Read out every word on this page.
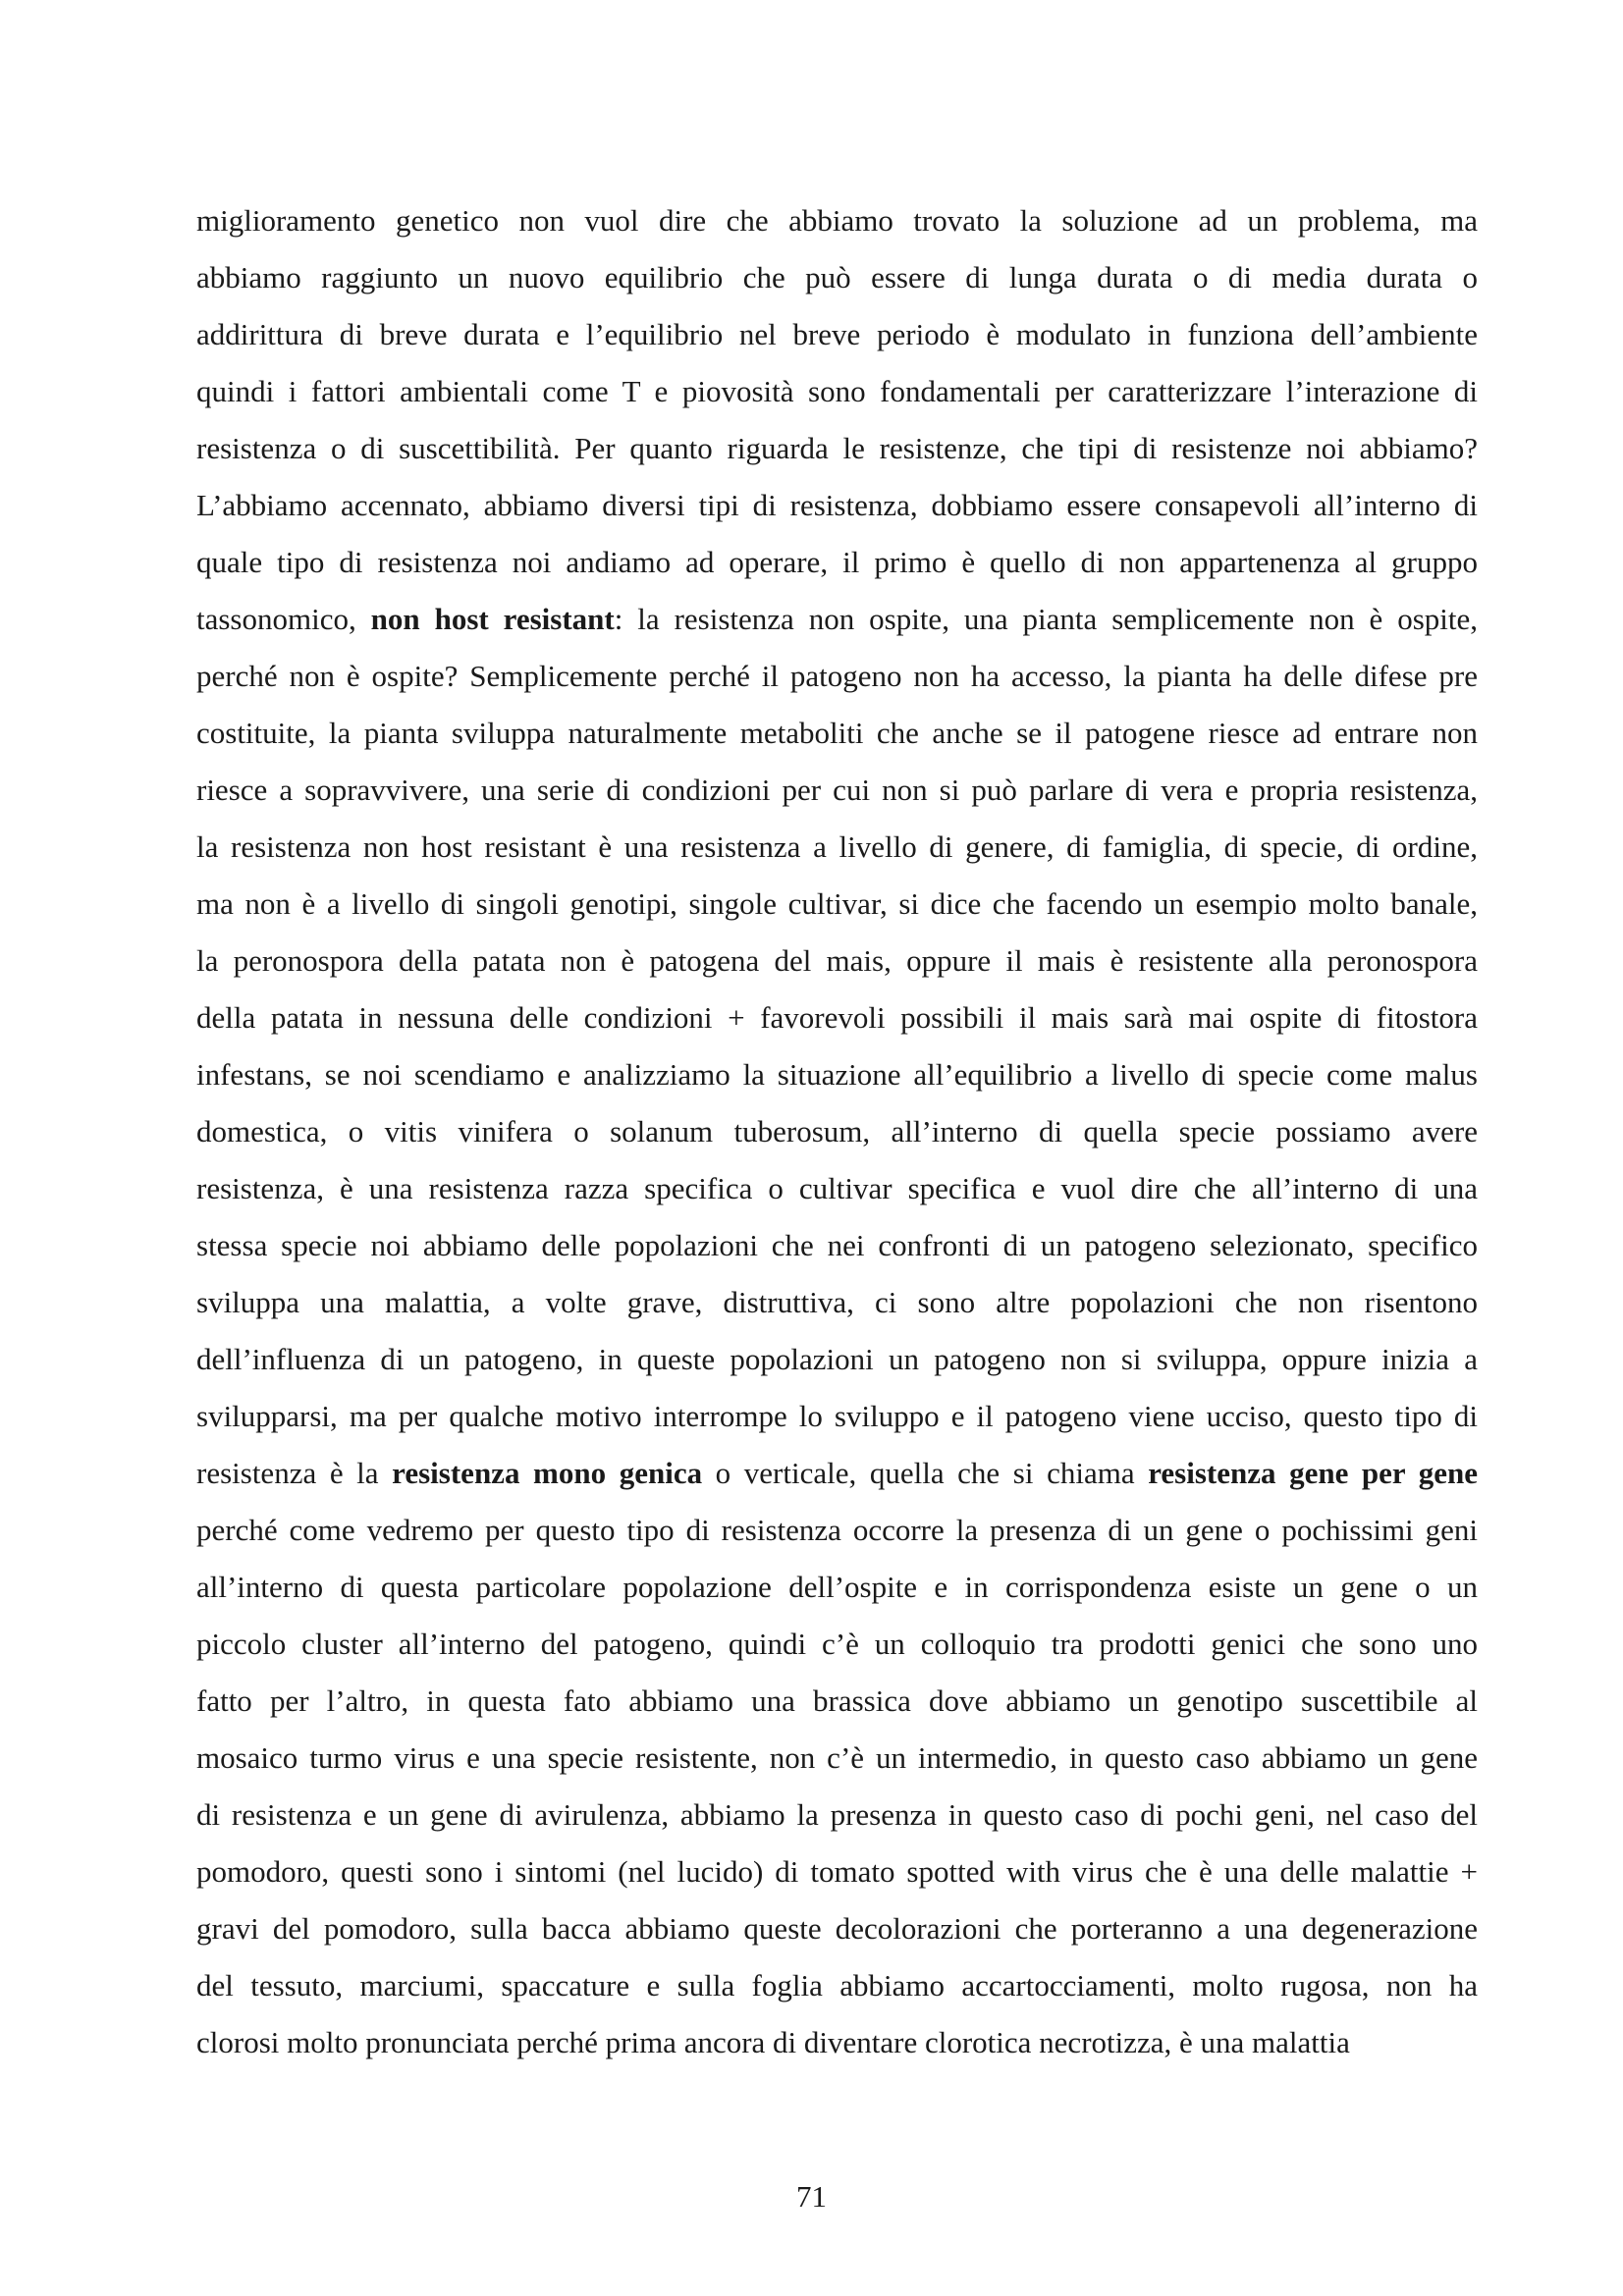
miglioramento genetico non vuol dire che abbiamo trovato la soluzione ad un problema, ma
abbiamo raggiunto un nuovo equilibrio che può essere di lunga durata o di media durata o
addirittura di breve durata e l’equilibrio nel breve periodo è modulato in funziona dell’ambiente
quindi i fattori ambientali come T e piovosità sono fondamentali per caratterizzare l’interazione di
resistenza o di suscettibilità. Per quanto riguarda le resistenze, che tipi di resistenze noi abbiamo?
L’abbiamo accennato, abbiamo diversi tipi di resistenza, dobbiamo essere consapevoli all’interno di
quale tipo di resistenza noi andiamo ad operare, il primo è quello di non appartenenza al gruppo
tassonomico, non host resistant: la resistenza non ospite, una pianta semplicemente non è ospite,
perché non è ospite? Semplicemente perché il patogeno non ha accesso, la pianta ha delle difese pre
costituite, la pianta sviluppa naturalmente metaboliti che anche se il patogene riesce ad entrare non
riesce a sopravvivere, una serie di condizioni per cui non si può parlare di vera e propria resistenza,
la resistenza non host resistant è una resistenza a livello di genere, di famiglia, di specie, di ordine,
ma non è a livello di singoli genotipi, singole cultivar, si dice che facendo un esempio molto banale,
la peronospora della patata non è patogena del mais, oppure il mais è resistente alla peronospora
della patata in nessuna delle condizioni + favorevoli possibili il mais sarà mai ospite di fitostora
infestans, se noi scendiamo e analizziamo la situazione all’equilibrio a livello di specie come malus
domestica, o vitis vinifera o solanum tuberosum, all’interno di quella specie possiamo avere
resistenza, è una resistenza razza specifica o cultivar specifica e vuol dire che all’interno di una
stessa specie noi abbiamo delle popolazioni che nei confronti di un patogeno selezionato, specifico
sviluppa una malattia, a volte grave, distruttiva, ci sono altre popolazioni che non risentono
dell’influenza di un patogeno, in queste popolazioni un patogeno non si sviluppa, oppure inizia a
svilupparsi, ma per qualche motivo interrompe lo sviluppo e il patogeno viene ucciso, questo tipo di
resistenza è la resistenza mono genica o verticale, quella che si chiama resistenza gene per gene
perché come vedremo per questo tipo di resistenza occorre la presenza di un gene o pochissimi geni
all’interno di questa particolare popolazione dell’ospite e in corrispondenza esiste un gene o un
piccolo cluster all’interno del patogeno, quindi c’è un colloquio tra prodotti genici che sono uno
fatto per l’altro, in questa fato abbiamo una brassica dove abbiamo un genotipo suscettibile al
mosaico turmo virus e una specie resistente, non c’è un intermedio, in questo caso abbiamo un gene
di resistenza e un gene di avirulenza, abbiamo la presenza in questo caso di pochi geni, nel caso del
pomodoro, questi sono i sintomi (nel lucido) di tomato spotted with virus che è una delle malattie +
gravi del pomodoro, sulla bacca abbiamo queste decolorazioni che porteranno a una degenerazione
del tessuto, marciumi, spaccature e sulla foglia abbiamo accartocciamenti, molto rugosa, non ha
clorosi molto pronunciata perché prima ancora di diventare clorotica necrotizza, è una malattia
71
